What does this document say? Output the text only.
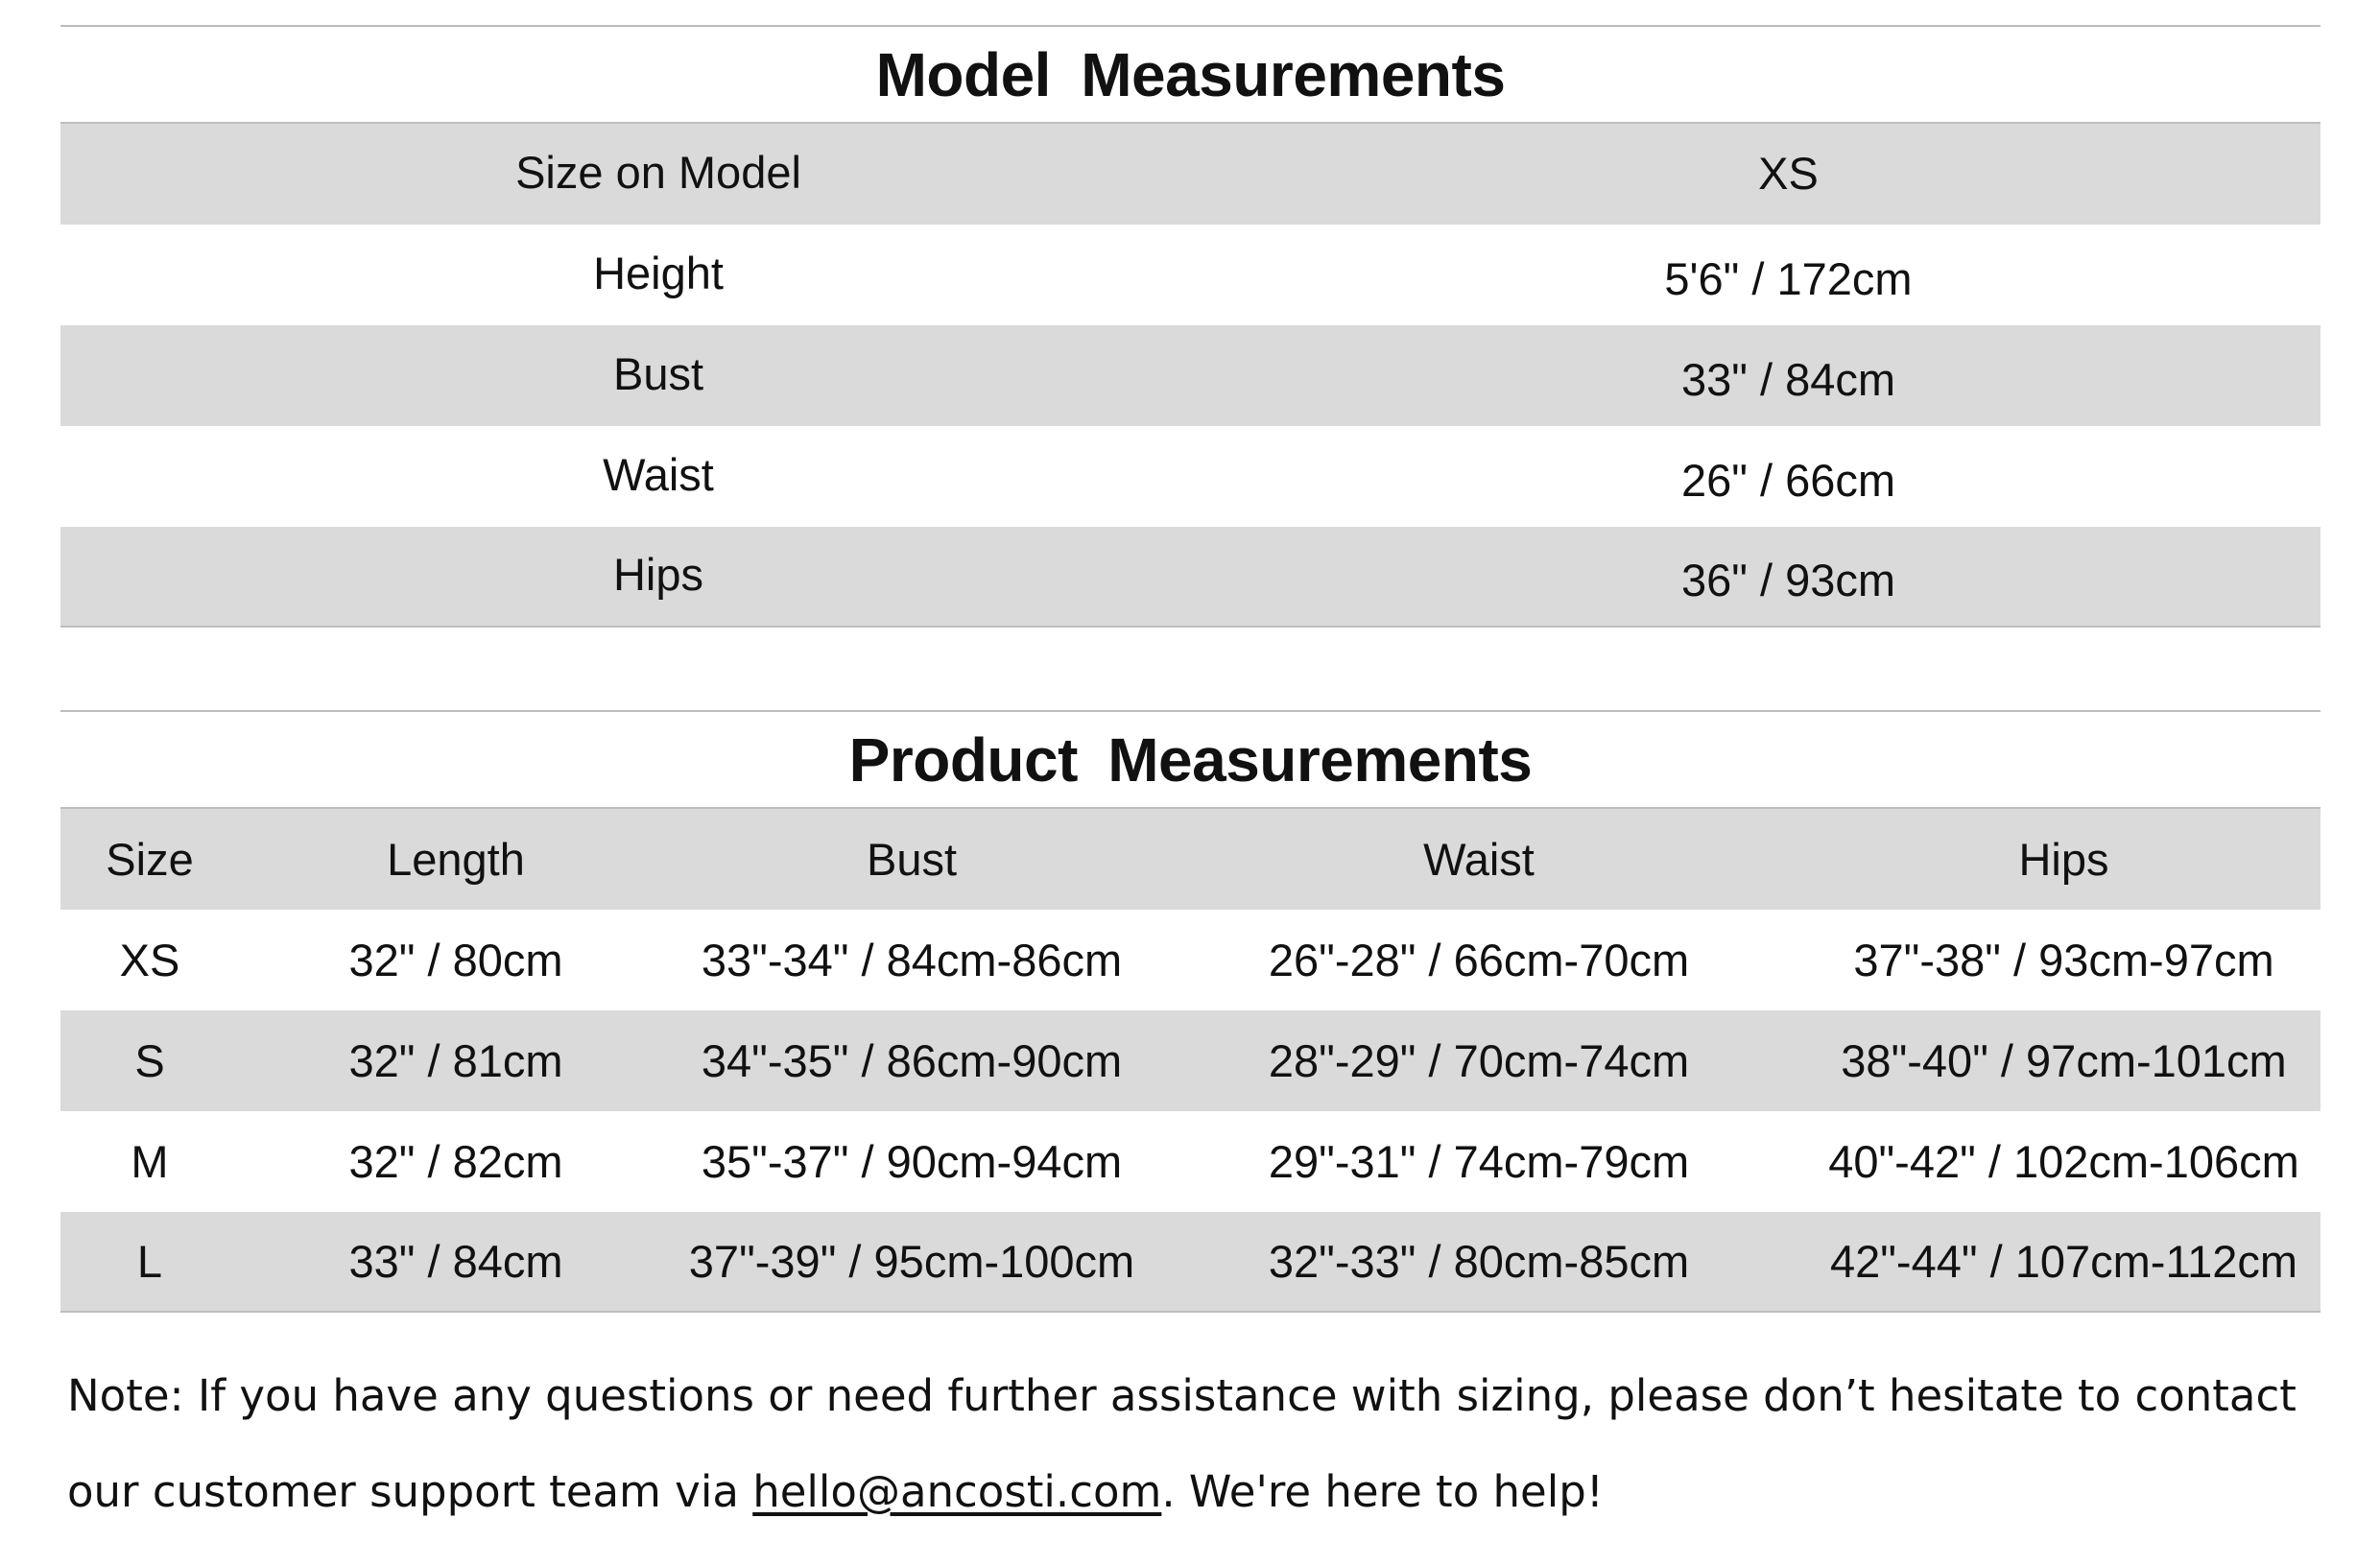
Model Measurements
Size on Model	XS
Height	5'6" / 172cm
Bust	33" / 84cm
Waist	26" / 66cm
Hips	36" / 93cm
Product Measurements
Size	Length	Bust	Waist	Hips
XS	32" / 80cm	33"-34" / 84cm-86cm	26"-28" / 66cm-70cm	37"-38" / 93cm-97cm
S	32" / 81cm	34"-35" / 86cm-90cm	28"-29" / 70cm-74cm	38"-40" / 97cm-101cm
M	32" / 82cm	35"-37" / 90cm-94cm	29"-31" / 74cm-79cm	40"-42" / 102cm-106cm
L	33" / 84cm	37"-39" / 95cm-100cm	32"-33" / 80cm-85cm	42"-44" / 107cm-112cm
Note: If you have any questions or need further assistance with sizing, please don’t hesitate to contact
our customer support team via hello@ancosti.com. We're here to help!
